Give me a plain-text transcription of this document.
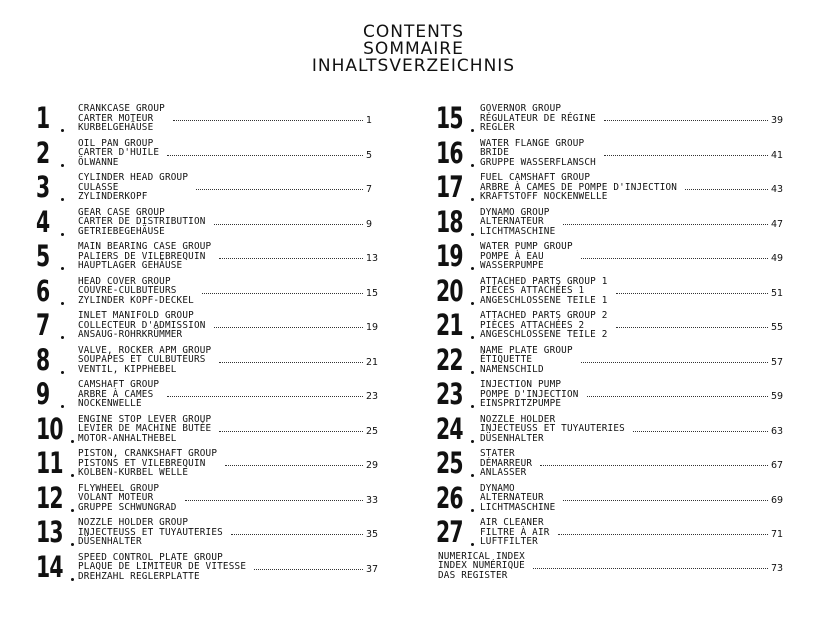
CONTENTS
SOMMAIRE
INHALTSVERZEICHNIS
1	CRANKCASE GROUP
CARTER MOTEUR
KURBELGEHÄUSE
1
2	OIL PAN GROUP
CARTER D'HUILE
ÖLWANNE
5
3	CYLINDER HEAD GROUP
CULASSE
ZYLINDERKOPF
7
4	GEAR CASE GROUP
CARTER DE DISTRIBUTION
GETRIEBEGEHÄUSE
9
5	MAIN BEARING CASE GROUP
PALIERS DE VILEBREQUIN
HAUPTLAGER GEHÄUSE
13
6	HEAD COVER GROUP
COUVRE-CULBUTEURS
ZYLINDER KOPF-DECKEL
15
7	INLET MANIFOLD GROUP
COLLECTEUR D'ADMISSION
ANSAUG-ROHRKRÜMMER
19
8	VALVE, ROCKER APM GROUP
SOUPAPES ET CULBUTEURS
VENTIL, KIPPHEBEL
21
9	CAMSHAFT GROUP
ARBRE À CAMES
NOCKENWELLE
23
10 ENGINE STOP LEVER GROUP
LEVIER DE MACHINE BUTÉE
MOTOR-ANHALTHEBEL
25
11 PISTON, CRANKSHAFT GROUP
PISTONS ET VILEBREQUIN
KOLBEN-KURBEL WELLE
29
12 FLYWHEEL GROUP
VOLANT MOTEUR
GRUPPE SCHWUNGRAD
33
13 NOZZLE HOLDER GROUP
INJECTEUSS ET TUYAUTERIES
DÜSENHALTER
35
14 SPEED CONTROL PLATE GROUP
PLAQUE DE LIMITEUR DE VITESSE
DREHZAHL REGLERPLATTE
37
15 GOVERNOR GROUP
RÉGULATEUR DE RÉGINE
REGLER
39
16 WATER FLANGE GROUP
BRIDE
GRUPPE WASSERFLANSCH
41
17 FUEL CAMSHAFT GROUP
ARBRE À CAMES DE POMPE D'INJECTION
KRAFTSTOFF NOCKENWELLE
43
18 DYNAMO GROUP
ALTERNATEUR
LICHTMASCHINE
47
19 WATER PUMP GROUP
POMPE À EAU
WASSERPUMPE
49
20 ATTACHED PARTS GROUP 1
PIÈCES ATTACHÉES 1
ANGESCHLOSSENE TEILE 1
51
21 ATTACHED PARTS GROUP 2
PIÈCES ATTACHÉES 2
ANGESCHLOSSENE TEILE 2
55
22 NAME PLATE GROUP
ÉTIQUETTE
NAMENSCHILD
57
23 INJECTION PUMP
POMPE D'INJECTION
EINSPRITZPUMPE
59
24 NOZZLE HOLDER
INJECTEUSS ET TUYAUTERIES
DÜSENHALTER
63
25 STATER
DÉMARREUR
ANLASSER
67
26 DYNAMO
ALTERNATEUR
LICHTMASCHINE
69
27 AIR CLEANER
FILTRE À AIR
LUFTFILTER
71
NUMERICAL INDEX
INDEX NUMÉRIQUE
DAS REGISTER
73
